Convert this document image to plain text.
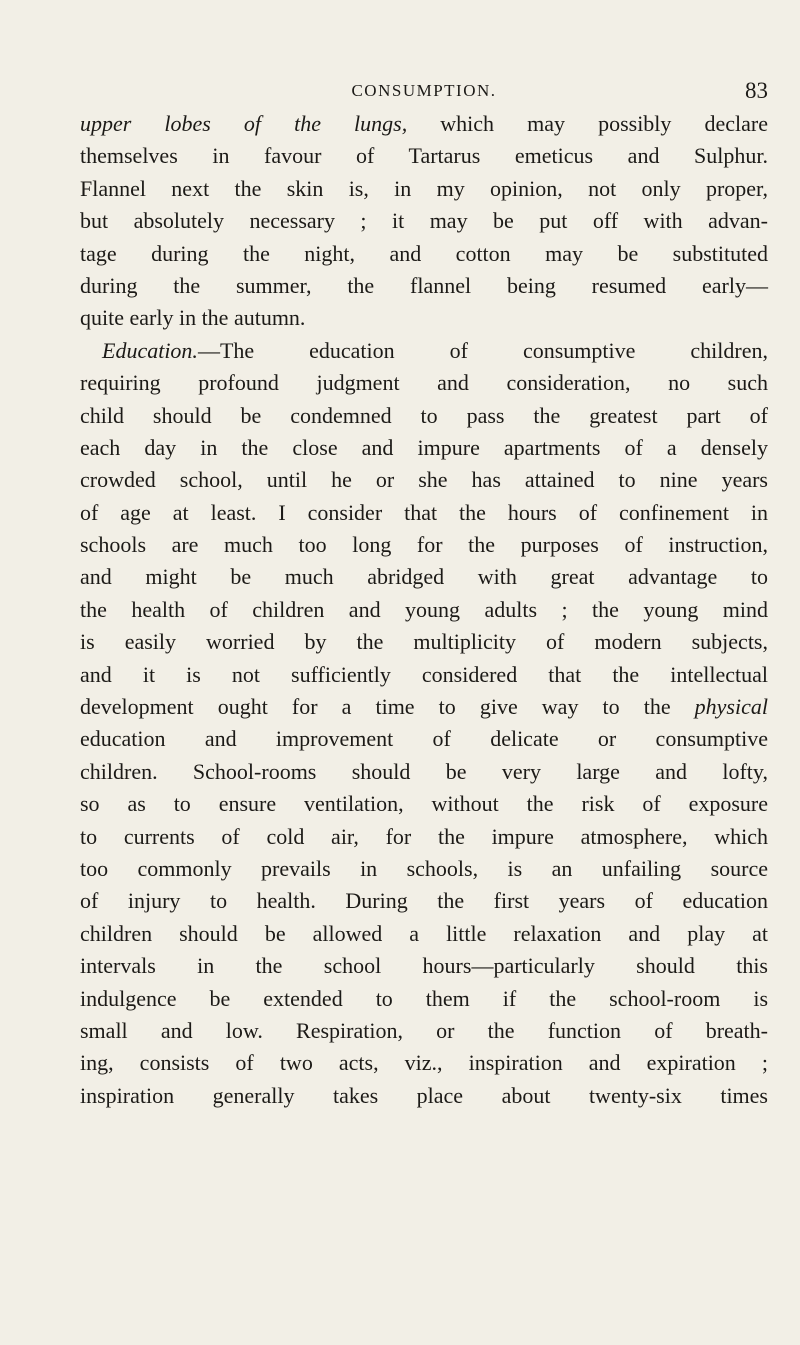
CONSUMPTION.	83
upper lobes of the lungs, which may possibly declare
themselves in favour of Tartarus emeticus and Sulphur.
Flannel next the skin is, in my opinion, not only proper,
but absolutely necessary ; it may be put off with advan-
tage during the night, and cotton may be substituted
during the summer, the flannel being resumed early—
quite early in the autumn.
Education.—The education of consumptive children,
requiring profound judgment and consideration, no such
child should be condemned to pass the greatest part of
each day in the close and impure apartments of a densely
crowded school, until he or she has attained to nine years
of age at least. I consider that the hours of confinement in
schools are much too long for the purposes of instruction,
and might be much abridged with great advantage to
the health of children and young adults ; the young mind
is easily worried by the multiplicity of modern subjects,
and it is not sufficiently considered that the intellectual
development ought for a time to give way to the physical
education and improvement of delicate or consumptive
children. School-rooms should be very large and lofty,
so as to ensure ventilation, without the risk of exposure
to currents of cold air, for the impure atmosphere, which
too commonly prevails in schools, is an unfailing source
of injury to health. During the first years of education
children should be allowed a little relaxation and play at
intervals in the school hours—particularly should this
indulgence be extended to them if the school-room is
small and low. Respiration, or the function of breath-
ing, consists of two acts, viz., inspiration and expiration ;
inspiration generally takes place about twenty-six times
